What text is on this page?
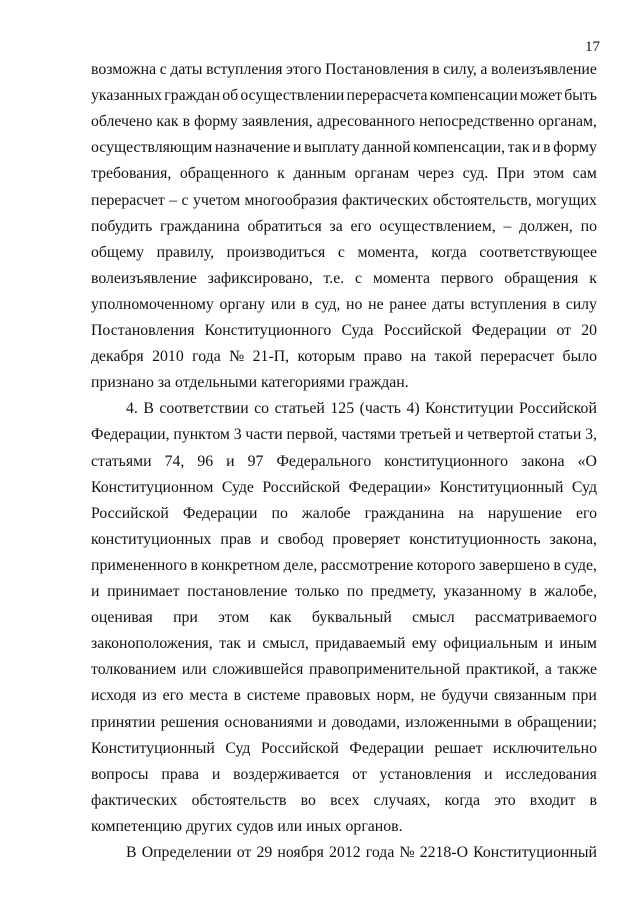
17
возможна с даты вступления этого Постановления в силу, а волеизъявление
указанных граждан об осуществлении перерасчета компенсации может быть
облечено как в форму заявления, адресованного непосредственно органам,
осуществляющим назначение и выплату данной компенсации, так и в форму
требования, обращенного к данным органам через суд. При этом сам
перерасчет – с учетом многообразия фактических обстоятельств, могущих
побудить гражданина обратиться за его осуществлением, – должен, по
общему правилу, производиться с момента, когда соответствующее
волеизъявление зафиксировано, т.е. с момента первого обращения к
уполномоченному органу или в суд, но не ранее даты вступления в силу
Постановления Конституционного Суда Российской Федерации от 20
декабря 2010 года № 21-П, которым право на такой перерасчет было
признано за отдельными категориями граждан.
4. В соответствии со статьей 125 (часть 4) Конституции Российской
Федерации, пунктом 3 части первой, частями третьей и четвертой статьи 3,
статьями 74, 96 и 97 Федерального конституционного закона «О
Конституционном Суде Российской Федерации» Конституционный Суд
Российской Федерации по жалобе гражданина на нарушение его
конституционных прав и свобод проверяет конституционность закона,
примененного в конкретном деле, рассмотрение которого завершено в суде,
и принимает постановление только по предмету, указанному в жалобе,
оценивая при этом как буквальный смысл рассматриваемого
законоположения, так и смысл, придаваемый ему официальным и иным
толкованием или сложившейся правоприменительной практикой, а также
исходя из его места в системе правовых норм, не будучи связанным при
принятии решения основаниями и доводами, изложенными в обращении;
Конституционный Суд Российской Федерации решает исключительно
вопросы права и воздерживается от установления и исследования
фактических обстоятельств во всех случаях, когда это входит в
компетенцию других судов или иных органов.
В Определении от 29 ноября 2012 года № 2218-О Конституционный
